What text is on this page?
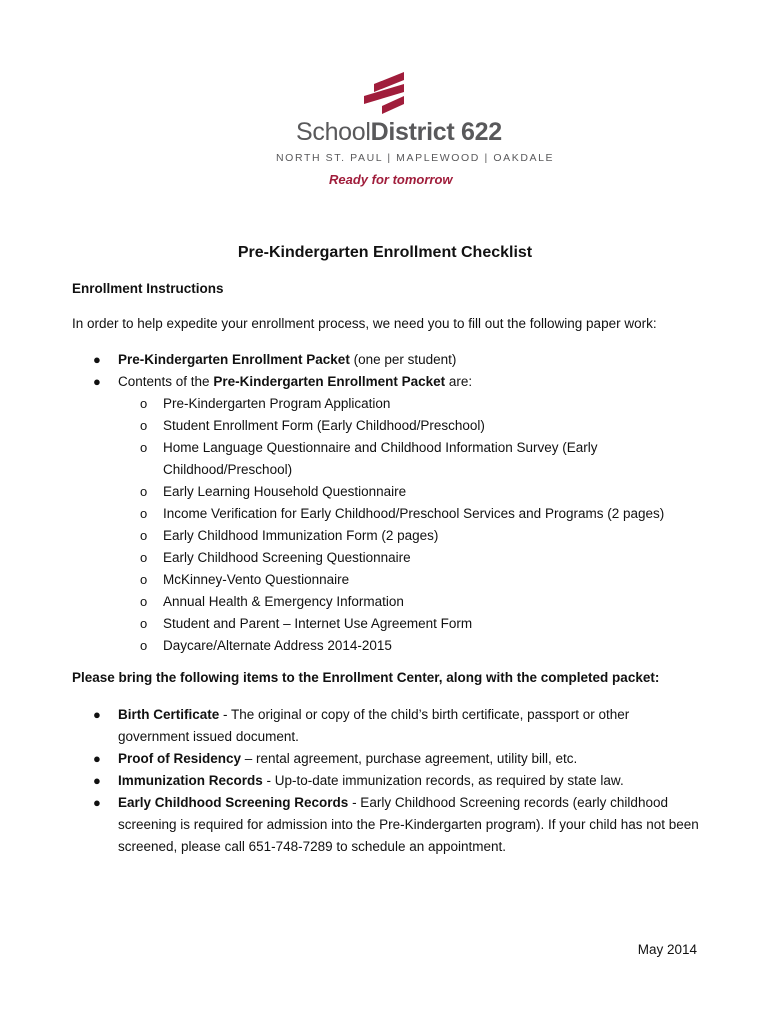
SchoolDistrict 622
NORTH ST. PAUL | MAPLEWOOD | OAKDALE
Ready for tomorrow
Pre-Kindergarten Enrollment Checklist

Enrollment Instructions

In order to help expedite your enrollment process, we need you to fill out the following paper work:

● Pre-Kindergarten Enrollment Packet (one per student)
● Contents of the Pre-Kindergarten Enrollment Packet are:
o Pre-Kindergarten Program Application
o Student Enrollment Form (Early Childhood/Preschool)
o Home Language Questionnaire and Childhood Information Survey (Early Childhood/Preschool)
o Early Learning Household Questionnaire
o Income Verification for Early Childhood/Preschool Services and Programs (2 pages)
o Early Childhood Immunization Form (2 pages)
o Early Childhood Screening Questionnaire
o McKinney-Vento Questionnaire
o Annual Health & Emergency Information
o Student and Parent – Internet Use Agreement Form
o Daycare/Alternate Address 2014-2015

Please bring the following items to the Enrollment Center, along with the completed packet:

● Birth Certificate - The original or copy of the child’s birth certificate, passport or other government issued document.
● Proof of Residency – rental agreement, purchase agreement, utility bill, etc.
● Immunization Records - Up-to-date immunization records, as required by state law.
● Early Childhood Screening Records - Early Childhood Screening records (early childhood screening is required for admission into the Pre-Kindergarten program). If your child has not been screened, please call 651-748-7289 to schedule an appointment.
May 2014
